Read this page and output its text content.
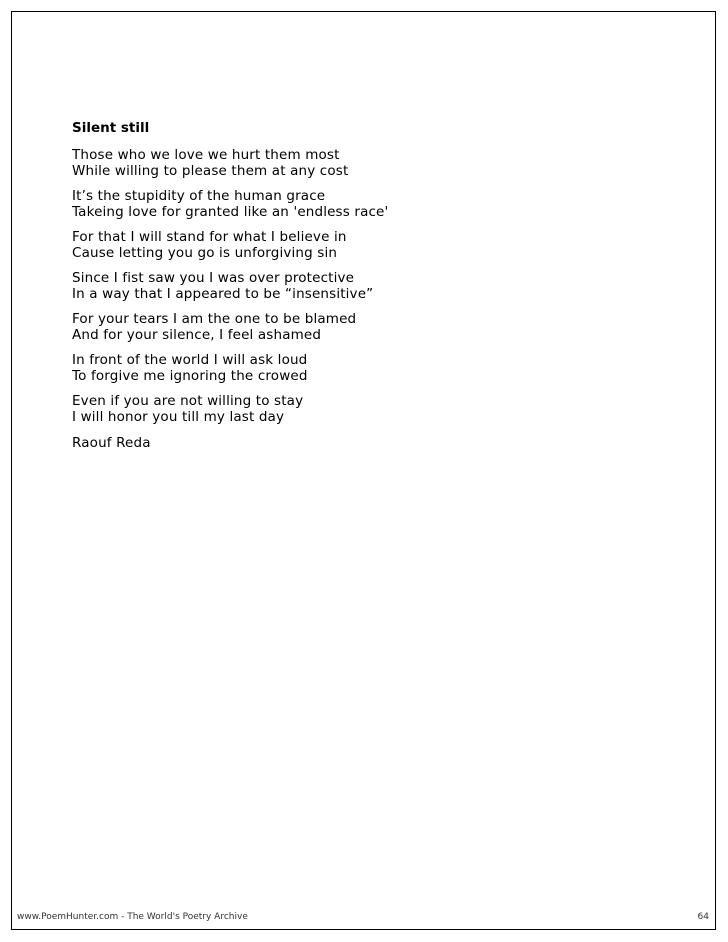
Silent still
Those who we love we hurt them most
While willing to please them at any cost
It’s the stupidity of the human grace
Takeing love for granted like an 'endless race'
For that I will stand for what I believe in
Cause letting you go is unforgiving sin
Since I fist saw you I was over protective
In a way that I appeared to be “insensitive”
For your tears I am the one to be blamed
And for your silence, I feel ashamed
In front of the world I will ask loud
To forgive me ignoring the crowed
Even if you are not willing to stay
I will honor you till my last day
Raouf Reda
www.PoemHunter.com - The World's Poetry Archive	64
